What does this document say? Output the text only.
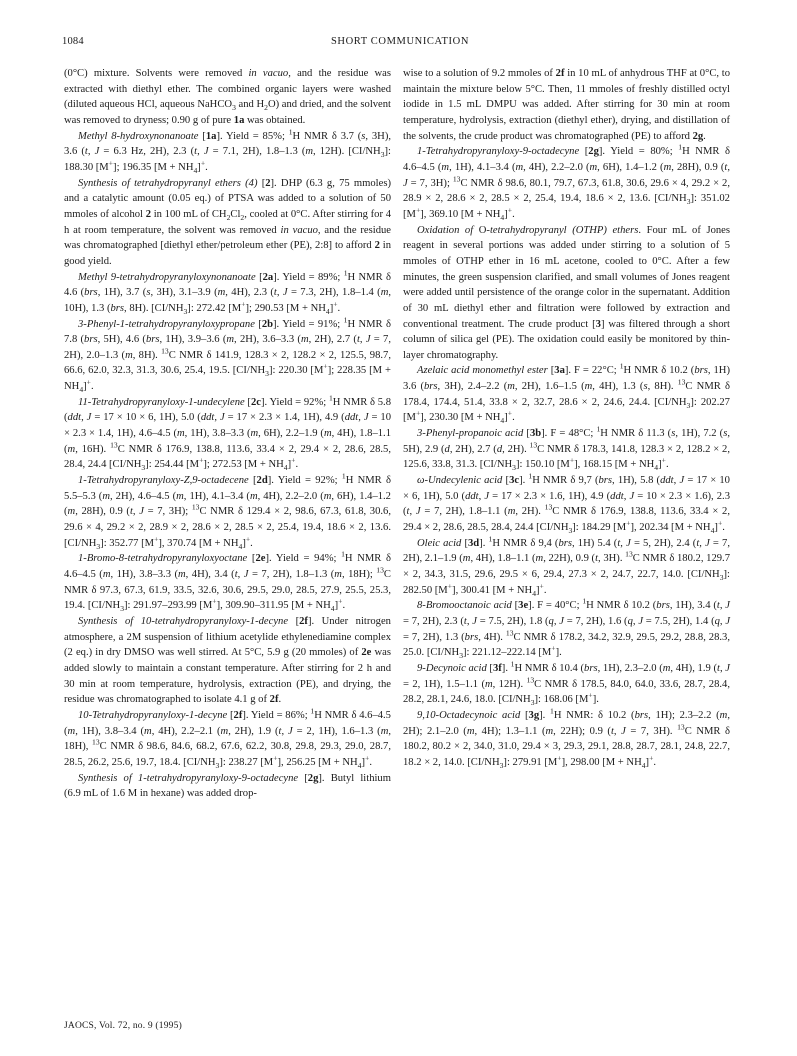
1084	SHORT COMMUNICATION

(0°C) mixture. Solvents were removed in vacuo, and the residue was extracted with diethyl ether. The combined organic layers were washed (diluted aqueous HCl, aqueous NaHCO$_3$ and $H_2O$) and dried, and the solvent was removed to dryness; 0.90 g of pure 1a was obtained.

Methyl 8-hydroxynonanoate [1a]. Yield = 85%; $^1$H NMR δ 3.7 (s, 3H), 3.6 (t, J = 6.3 Hz, 2H), 2.3 (t, J = 7.1, 2H), 1.8–1.3 (m, 12H). $[CI/NH_3]$: 188.30 [M+]; 196.35 $[M + NH_4]^+$.

Synthesis of tetrahydropyranyl ethers (4) [2]. DHP (6.3 g, 75 mmoles) and a catalytic amount (0.05 eq.) of PTSA was added to a solution of 50 mmoles of alcohol 2 in 100 mL of $CH_2Cl_2$, cooled at 0°C. After stirring for 4 h at room temperature, the solvent was removed in vacuo, and the residue was chromatographed [diethyl ether/petroleum ether (PE), 2:8] to afford 2 in good yield.

Methyl 9-tetrahydropyranyloxynonanoate [2a]. Yield = 89%; $^1$H NMR δ 4.6 (brs, 1H), 3.7 (s, 3H), 3.1–3.9 (m, 4H), 2.3 (t, J = 7.3, 2H), 1.8–1.4 (m, 10H), 1.3 (brs, 8H). $[CI/NH_3]$: 272.42 [M+]; 290.53 $[M + NH_4]^+$.

3-Phenyl-1-tetrahydropyranyloxypropane [2b]. Yield = 91%; $^1$H NMR δ 7.8 (brs, 5H), 4.6 (brs, 1H), 3.9–3.6 (m, 2H), 3.6–3.3 (m, 2H), 2.7 (t, J = 7, 2H), 2.0–1.3 (m, 8H). $^{13}$C NMR δ 141.9, 128.3 × 2, 128.2 × 2, 125.5, 98.7, 66.6, 62.0, 32.3, 31.3, 30.6, 25.4, 19.5. $[CI/NH_3]$: 220.30 [M+]; 228.35 $[M + NH_4]^+$.

11-Tetrahydropyranyloxy-1-undecylene [2c]. Yield = 92%; $^1$H NMR δ 5.8 (ddt, J = 17 × 10 × 6, 1H), 5.0 (ddt, J = 17 × 2.3 × 1.4, 1H), 4.9 (ddt, J = 10 × 2.3 × 1.4, 1H), 4.6–4.5 (m, 1H), 3.8–3.3 (m, 6H), 2.2–1.9 (m, 4H), 1.8–1.1 (m, 16H). $^{13}$C NMR δ 176.9, 138.8, 113.6, 33.4 × 2, 29.4 × 2, 28.6, 28.5, 28.4, 24.4 $[CI/NH_3]$: 254.44 [M+]; 272.53 $[M + NH_4]^+$.

1-Tetrahydropyranyloxy-Z,9-octadecene [2d]. Yield = 92%; $^1$H NMR δ 5.5–5.3 (m, 2H), 4.6–4.5 (m, 1H), 4.1–3.4 (m, 4H), 2.2–2.0 (m, 6H), 1.4–1.2 (m, 28H), 0.9 (t, J = 7, 3H); $^{13}$C NMR δ 129.4 × 2, 98.6, 67.3, 61.8, 30.6, 29.6 × 4, 29.2 × 2, 28.9 × 2, 28.6 × 2, 28.5 × 2, 25.4, 19.4, 18.6 × 2, 13.6. $[CI/NH_3]$: 352.77 [M+], 370.74 $[M + NH_4]^+$.

1-Bromo-8-tetrahydropyranyloxyoctane [2e]. Yield = 94%; $^1$H NMR δ 4.6–4.5 (m, 1H), 3.8–3.3 (m, 4H), 3.4 (t, J = 7, 2H), 1.8–1.3 (m, 18H); $^{13}$C NMR δ 97.3, 67.3, 61.9, 33.5, 32.6, 30.6, 29.5, 29.0, 28.5, 27.9, 25.5, 25.3, 19.4. $[CI/NH_3]$: 291.97–293.99 [M+], 309.90–311.95 $[M + NH_4]^+$.

Synthesis of 10-tetrahydropyranyloxy-1-decyne [2f]. Under nitrogen atmosphere, a 2M suspension of lithium acetylide ethylenediamine complex (2 eq.) in dry DMSO was well stirred. At 5°C, 5.9 g (20 mmoles) of 2e was added slowly to maintain a constant temperature. After stirring for 2 h and 30 min at room temperature, hydrolysis, extraction (PE), and drying, the residue was chromatographed to isolate 4.1 g of 2f.

10-Tetrahydropyranyloxy-1-decyne [2f]. Yield = 86%; $^1$H NMR δ 4.6–4.5 (m, 1H), 3.8–3.4 (m, 4H), 2.2–2.1 (m, 2H), 1.9 (t, J = 2, 1H), 1.6–1.3 (m, 18H), $^{13}$C NMR δ 98.6, 84.6, 68.2, 67.6, 62.2, 30.8, 29.8, 29.3, 29.0, 28.7, 28.5, 26.2, 25.6, 19.7, 18.4. $[CI/NH_3]$: 238.27 [M+], 256.25 $[M + NH_4]^+$.

Synthesis of 1-tetrahydropyranyloxy-9-octadecyne [2g]. Butyl lithium (6.9 mL of 1.6 M in hexane) was added drop-

wise to a solution of 9.2 mmoles of 2f in 10 mL of anhydrous THF at 0°C, to maintain the mixture below 5°C. Then, 11 mmoles of freshly distilled octyl iodide in 1.5 mL DMPU was added. After stirring for 30 min at room temperature, hydrolysis, extraction (diethyl ether), drying, and distillation of the solvents, the crude product was chromatographed (PE) to afford 2g.

1-Tetrahydropyranyloxy-9-octadecyne [2g]. Yield = 80%; $^1$H NMR δ 4.6–4.5 (m, 1H), 4.1–3.4 (m, 4H), 2.2–2.0 (m, 6H), 1.4–1.2 (m, 28H), 0.9 (t, J = 7, 3H); $^{13}$C NMR δ 98.6, 80.1, 79.7, 67.3, 61.8, 30.6, 29.6 × 4, 29.2 × 2, 28.9 × 2, 28.6 × 2, 28.5 × 2, 25.4, 19.4, 18.6 × 2, 13.6. $[CI/NH_3]$: 351.02 [M+], 369.10 $[M + NH_4]^+$.

Oxidation of O-tetrahydropyranyl (OTHP) ethers. Four mL of Jones reagent in several portions was added under stirring to a solution of 5 mmoles of OTHP ether in 16 mL acetone, cooled to 0°C. After a few minutes, the green suspension clarified, and small volumes of Jones reagent were added until persistence of the orange color in the supernatant. Addition of 30 mL diethyl ether and filtration were followed by extraction and conventional treatment. The crude product [3] was filtered through a short column of silica gel (PE). The oxidation could easily be monitored by thin-layer chromatography.

Azelaic acid monomethyl ester [3a]. F = 22°C; $^1$H NMR δ 10.2 (brs, 1H) 3.6 (brs, 3H), 2.4–2.2 (m, 2H), 1.6–1.5 (m, 4H), 1.3 (s, 8H). $^{13}$C NMR δ 178.4, 174.4, 51.4, 33.8 × 2, 32.7, 28.6 × 2, 24.6, 24.4. $[CI/NH_3]$: 202.27 [M+], 230.30 $[M + NH_4]^+$.

3-Phenyl-propanoic acid [3b]. F = 48°C; $^1$H NMR δ 11.3 (s, 1H), 7.2 (s, 5H), 2.9 (d, 2H), 2.7 (d, 2H). $^{13}$C NMR δ 178.3, 141.8, 128.3 × 2, 128.2 × 2, 125.6, 33.8, 31.3. $[CI/NH_3]$: 150.10 [M+], 168.15 $[M + NH_4]^+$.

ω-Undecylenic acid [3c]. $^1$H NMR δ 9,7 (brs, 1H), 5.8 (ddt, J = 17 × 10 × 6, 1H), 5.0 (ddt, J = 17 × 2.3 × 1.6, 1H), 4.9 (ddt, J = 10 × 2.3 × 1.6), 2.3 (t, J = 7, 2H), 1.8–1.1 (m, 2H). $^{13}$C NMR δ 176.9, 138.8, 113.6, 33.4 × 2, 29.4 × 2, 28.6, 28.5, 28.4, 24.4 $[CI/NH_3]$: 184.29 [M+], 202.34 $[M + NH_4]^+$.

Oleic acid [3d]. $^1$H NMR δ 9,4 (brs, 1H) 5.4 (t, J = 5, 2H), 2.4 (t, J = 7, 2H), 2.1–1.9 (m, 4H), 1.8–1.1 (m, 22H), 0.9 (t, 3H). $^{13}$C NMR δ 180.2, 129.7 × 2, 34.3, 31.5, 29.6, 29.5 × 6, 29.4, 27.3 × 2, 24.7, 22.7, 14.0. $[CI/NH_3]$: 282.50 [M+], 300.41 $[M + NH_4]^+$.

8-Bromooctanoic acid [3e]. F = 40°C; $^1$H NMR δ 10.2 (brs, 1H), 3.4 (t, J = 7, 2H), 2.3 (t, J = 7.5, 2H), 1.8 (q, J = 7, 2H), 1.6 (q, J = 7.5, 2H), 1.4 (q, J = 7, 2H), 1.3 (brs, 4H). $^{13}$C NMR δ 178.2, 34.2, 32.9, 29.5, 29.2, 28.8, 28.3, 25.0. $[CI/NH_3]$: 221.12–222.14 [M+].

9-Decynoic acid [3f]. $^1$H NMR δ 10.4 (brs, 1H), 2.3–2.0 (m, 4H), 1.9 (t, J = 2, 1H), 1.5–1.1 (m, 12H). $^{13}$C NMR δ 178.5, 84.0, 64.0, 33.6, 28.7, 28.4, 28.2, 28.1, 24.6, 18.0. $[CI/NH_3]$: 168.06 [M+].

9,10-Octadecynoic acid [3g]. $^1$H NMR: δ 10.2 (brs, 1H); 2.3–2.2 (m, 2H); 2.1–2.0 (m, 4H); 1.3–1.1 (m, 22H); 0.9 (t, J = 7, 3H). $^{13}$C NMR δ 180.2, 80.2 × 2, 34.0, 31.0, 29.4 × 3, 29.3, 29.1, 28.8, 28.7, 28.1, 24.8, 22.7, 18.2 × 2, 14.0. $[CI/NH_3]$: 279.91 [M+], 298.00 $[M + NH_4]^+$.

JAOCS, Vol. 72, no. 9 (1995)
